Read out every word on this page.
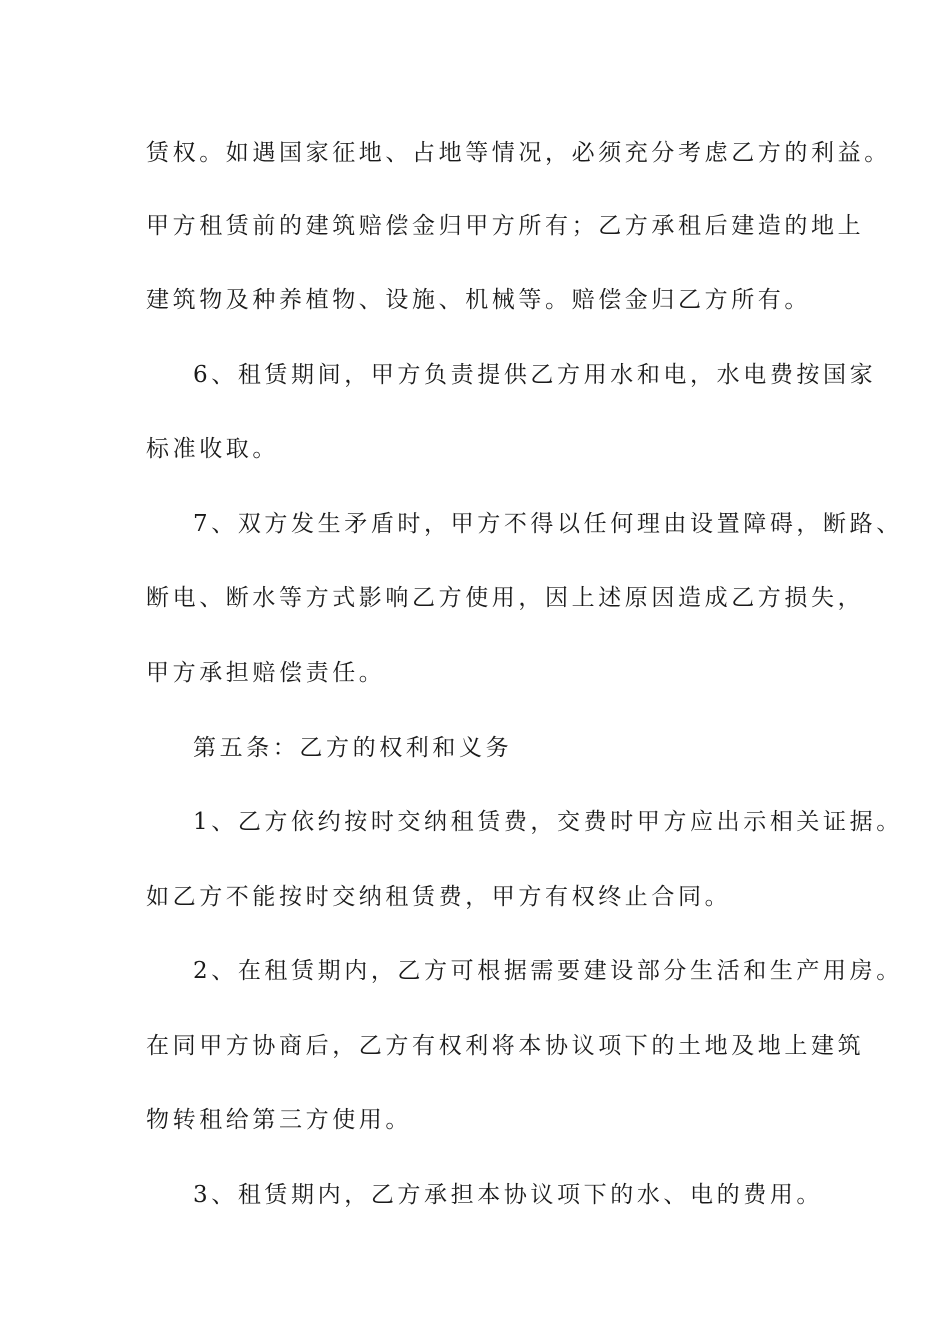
赁权。如遇国家征地、占地等情况，必须充分考虑乙方的利益。
甲方租赁前的建筑赔偿金归甲方所有；乙方承租后建造的地上
建筑物及种养植物、设施、机械等。赔偿金归乙方所有。
6、租赁期间，甲方负责提供乙方用水和电，水电费按国家
标准收取。
7、双方发生矛盾时，甲方不得以任何理由设置障碍，断路、
断电、断水等方式影响乙方使用，因上述原因造成乙方损失，
甲方承担赔偿责任。
第五条：乙方的权利和义务
1、乙方依约按时交纳租赁费，交费时甲方应出示相关证据。
如乙方不能按时交纳租赁费，甲方有权终止合同。
2、在租赁期内，乙方可根据需要建设部分生活和生产用房。
在同甲方协商后，乙方有权利将本协议项下的土地及地上建筑
物转租给第三方使用。
3、租赁期内，乙方承担本协议项下的水、电的费用。
